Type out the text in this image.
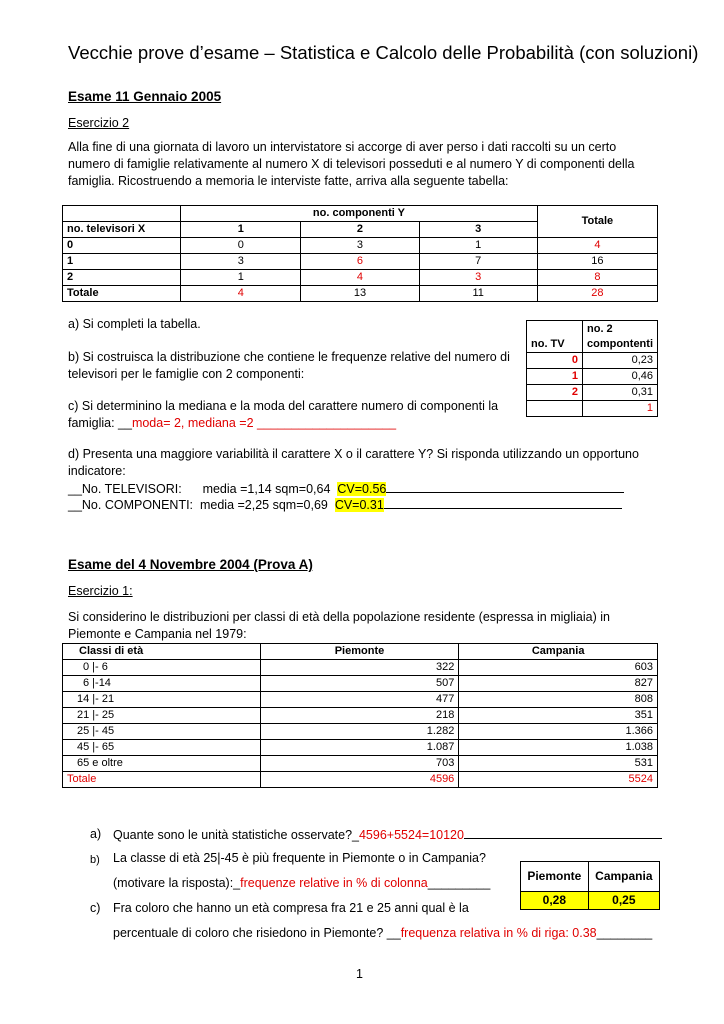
Vecchie prove d’esame – Statistica e Calcolo delle Probabilità (con soluzioni)
Esame 11 Gennaio 2005
Esercizio 2
Alla fine di una giornata di lavoro un intervistatore si accorge di aver perso i dati raccolti su un certo numero di famiglie relativamente al numero X di televisori posseduti e al numero Y di componenti della famiglia. Ricostruendo a memoria le interviste fatte, arriva alla seguente tabella:
	no. componenti Y			Totale
no. televisori X	1	2	3	
0	0	3	1	4
1	3	6	7	16
2	1	4	3	8
Totale	4	13	11	28
a) Si completi la tabella.
b) Si costruisca la distribuzione che contiene le frequenze relative del numero di televisori per le famiglie con 2 componenti:
c) Si determinino la mediana e la moda del carattere numero di componenti la famiglia: __moda= 2, mediana =2 ____________________
d) Presenta una maggiore variabilità il carattere X o il carattere Y? Si risponda utilizzando un opportuno indicatore:
__No. TELEVISORI: media =1,14 sqm=0,64 CV=0.56
__No. COMPONENTI: media =2,25 sqm=0,69 CV=0.31
no. TV	no. 2
compontenti

0	0,23
1	0,46
2	0,31
	1
Esame del 4 Novembre 2004 (Prova A)
Esercizio 1:
Si considerino le distribuzioni per classi di età della popolazione residente (espressa in migliaia) in Piemonte e Campania nel 1979:
Classi di età	Piemonte	Campania
0 |- 6	322	603
6 |-14	507	827
14 |- 21	477	808
21 |- 25	218	351
25 |- 45	1.282	1.366
45 |- 65	1.087	1.038
65 e oltre	703	531
Totale	4596	5524
a) Quante sono le unità statistiche osservate?_4596+5524=10120
b) La classe di età 25|-45 è più frequente in Piemonte o in Campania?
(motivare la risposta):_frequenze relative in % di colonna_________
c) Fra coloro che hanno un età compresa fra 21 e 25 anni qual è la
percentuale di coloro che risiedono in Piemonte? __frequenza relativa in % di riga: 0.38________
Piemonte	Campania
0,28	0,25
1
